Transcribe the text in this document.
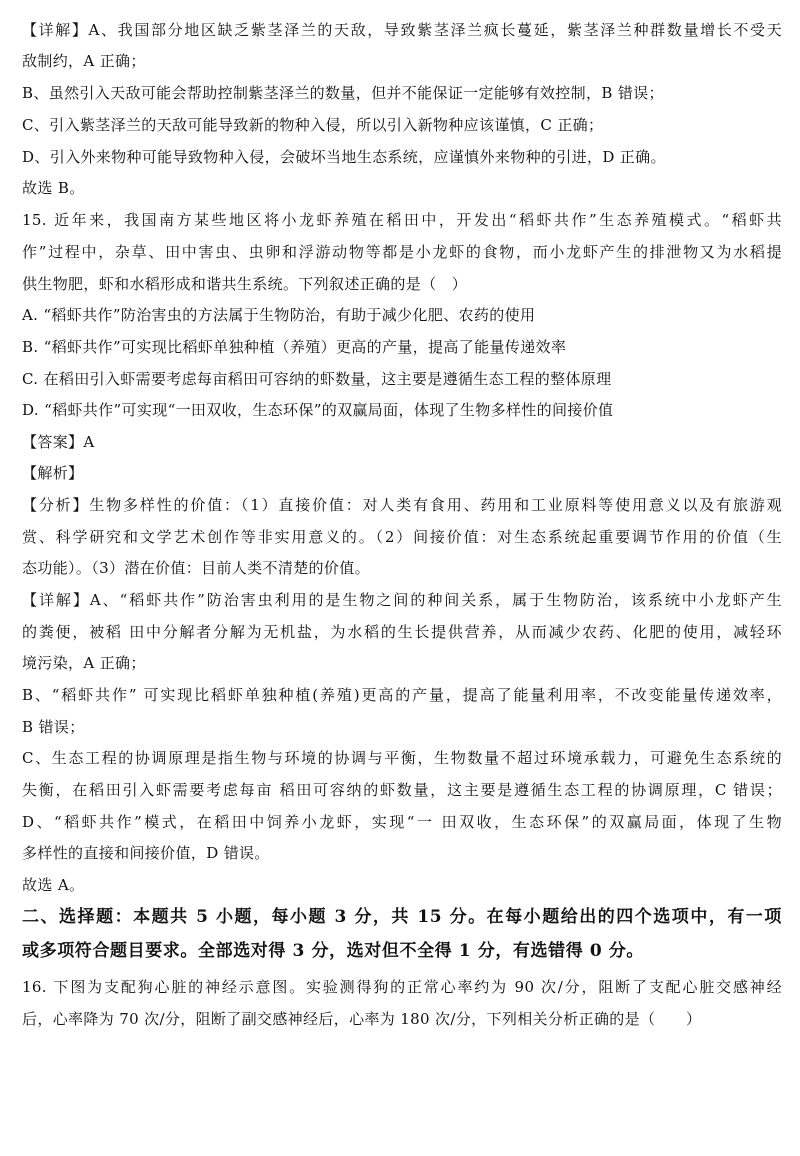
【详解】A、我国部分地区缺乏紫茎泽兰的天敌，导致紫茎泽兰疯长蔓延，紫茎泽兰种群数量增长不受天
敌制约，A 正确；
B、虽然引入天敌可能会帮助控制紫茎泽兰的数量，但并不能保证一定能够有效控制，B 错误；
C、引入紫茎泽兰的天敌可能导致新的物种入侵，所以引入新物种应该谨慎，C 正确；
D、引入外来物种可能导致物种入侵，会破坏当地生态系统，应谨慎外来物种的引进，D 正确。
故选 B。
15. 近年来，我国南方某些地区将小龙虾养殖在稻田中，开发出“稻虾共作”生态养殖模式。“稻虾共
作”过程中，杂草、田中害虫、虫卵和浮游动物等都是小龙虾的食物，而小龙虾产生的排泄物又为水稻提
供生物肥，虾和水稻形成和谐共生系统。下列叙述正确的是（　）
A. “稻虾共作”防治害虫的方法属于生物防治，有助于减少化肥、农药的使用
B. “稻虾共作”可实现比稻虾单独种植（养殖）更高的产量，提高了能量传递效率
C. 在稻田引入虾需要考虑每亩稻田可容纳的虾数量，这主要是遵循生态工程的整体原理
D. “稻虾共作”可实现“一田双收，生态环保”的双赢局面，体现了生物多样性的间接价值
【答案】A
【解析】
【分析】生物多样性的价值：（1）直接价值：对人类有食用、药用和工业原料等使用意义以及有旅游观
赏、科学研究和文学艺术创作等非实用意义的。（2）间接价值：对生态系统起重要调节作用的价值（生
态功能）。（3）潜在价值：目前人类不清楚的价值。
【详解】A、“稻虾共作”防治害虫利用的是生物之间的种间关系，属于生物防治，该系统中小龙虾产生
的粪便，被稻 田中分解者分解为无机盐，为水稻的生长提供营养，从而减少农药、化肥的使用，减轻环
境污染，A 正确；
B、“稻虾共作” 可实现比稻虾单独种植(养殖)更高的产量，提高了能量利用率，不改变能量传递效率，
B 错误；
C、生态工程的协调原理是指生物与环境的协调与平衡，生物数量不超过环境承载力，可避免生态系统的
失衡，在稻田引入虾需要考虑每亩 稻田可容纳的虾数量，这主要是遵循生态工程的协调原理，C 错误；
D、“稻虾共作”模式，在稻田中饲养小龙虾，实现“一 田双收，生态环保”的双赢局面，体现了生物
多样性的直接和间接价值，D 错误。
故选 A。
二、选择题：本题共 5 小题，每小题 3 分，共 15 分。在每小题给出的四个选项中，有一项
或多项符合题目要求。全部选对得 3 分，选对但不全得 1 分，有选错得 0 分。
16. 下图为支配狗心脏的神经示意图。实验测得狗的正常心率约为 90 次/分，阻断了支配心脏交感神经
后，心率降为 70 次/分，阻断了副交感神经后，心率为 180 次/分，下列相关分析正确的是（　　）
